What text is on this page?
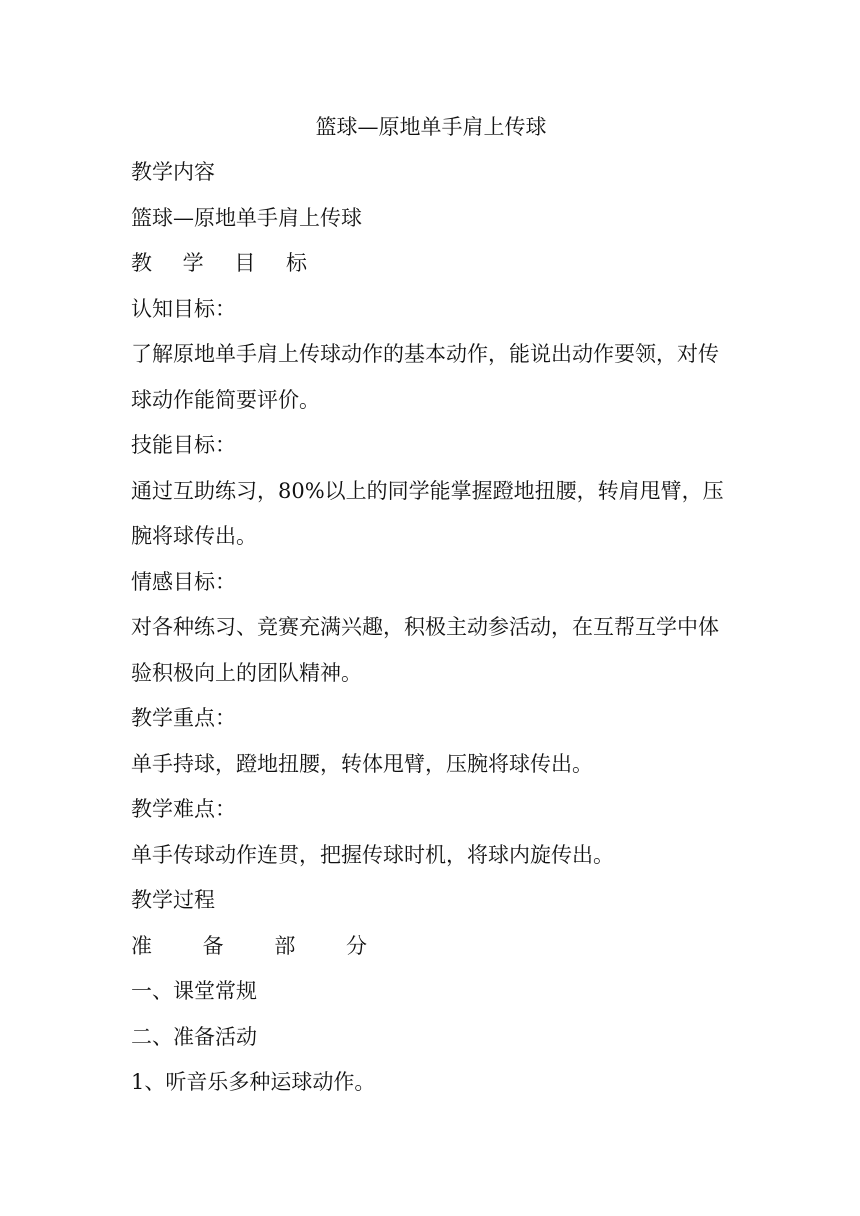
篮球—原地单手肩上传球

教学内容

篮球—原地单手肩上传球

教 学 目 标

认知目标：

了解原地单手肩上传球动作的基本动作，能说出动作要领，对传

球动作能简要评价。

技能目标：

通过互助练习，80%以上的同学能掌握蹬地扭腰，转肩甩臂，压

腕将球传出。

情感目标：

对各种练习、竞赛充满兴趣，积极主动参活动，在互帮互学中体

验积极向上的团队精神。

教学重点：

单手持球，蹬地扭腰，转体甩臂，压腕将球传出。

教学难点：

单手传球动作连贯，把握传球时机，将球内旋传出。

教学过程

准 备 部 分

一、课堂常规

二、准备活动

1、听音乐多种运球动作。
